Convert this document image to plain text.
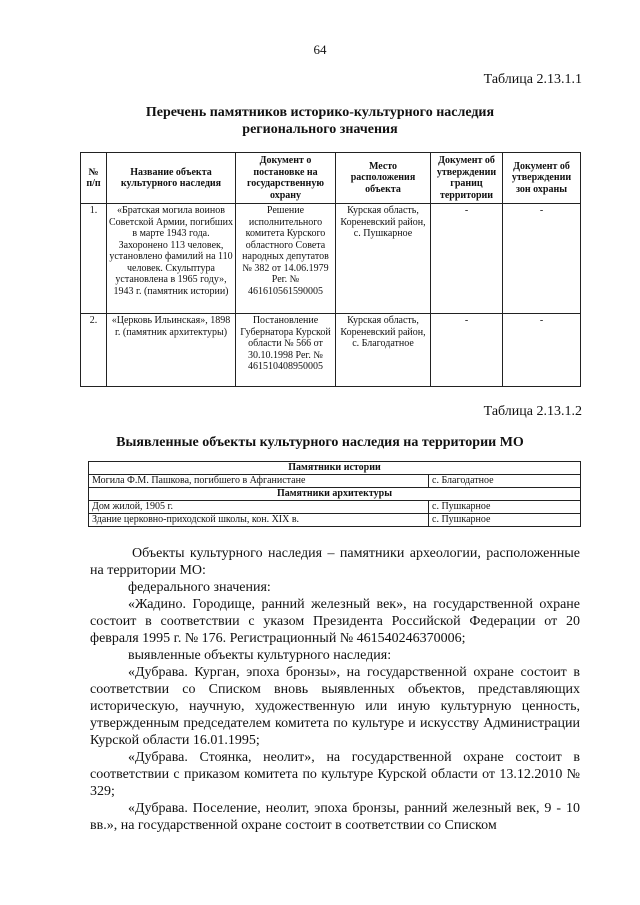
64
Таблица 2.13.1.1
Перечень памятников историко-культурного наследия
регионального значения
№ п/п	Название объекта культурного наследия	Документ о постановке на государственную охрану	Место расположения объекта	Документ об утверждении границ территории	Документ об утверждении зон охраны
1.	«Братская могила воинов Советской Армии, погибших в марте 1943 года. Захоронено 113 человек, установлено фамилий на 110 человек. Скульптура установлена в 1965 году», 1943 г. (памятник истории)	Решение исполнительного комитета Курского областного Совета народных депутатов № 382 от 14.06.1979 Рег. № 461610561590005	Курская область, Кореневский район, с. Пушкарное	-	-
2.	«Церковь Ильинская», 1898 г. (памятник архитектуры)	Постановление Губернатора Курской области № 566 от 30.10.1998 Рег. № 461510408950005	Курская область, Кореневский район, с. Благодатное	-	-
Таблица 2.13.1.2
Выявленные объекты культурного наследия на территории МО
Памятники истории	
Могила Ф.М. Пашкова, погибшего в Афганистане	с. Благодатное
Памятники архитектуры	
Дом жилой, 1905 г.	с. Пушкарное
Здание церковно-приходской школы, кон. XIX в.	с. Пушкарное

Объекты культурного наследия – памятники археологии, расположенные на территории МО:

федерального значения:

«Жадино. Городище, ранний железный век», на государственной охране состоит в соответствии с указом Президента Российской Федерации от 20 февраля 1995 г. № 176. Регистрационный № 461540246370006;

выявленные объекты культурного наследия:

«Дубрава. Курган, эпоха бронзы», на государственной охране состоит в соответствии со Списком вновь выявленных объектов, представляющих историческую, научную, художественную или иную культурную ценность, утвержденным председателем комитета по культуре и искусству Администрации Курской области 16.01.1995;

«Дубрава. Стоянка, неолит», на государственной охране состоит в соответствии с приказом комитета по культуре Курской области от 13.12.2010 № 329;

«Дубрава. Поселение, неолит, эпоха бронзы, ранний железный век, 9 - 10 вв.», на государственной охране состоит в соответствии со Списком
